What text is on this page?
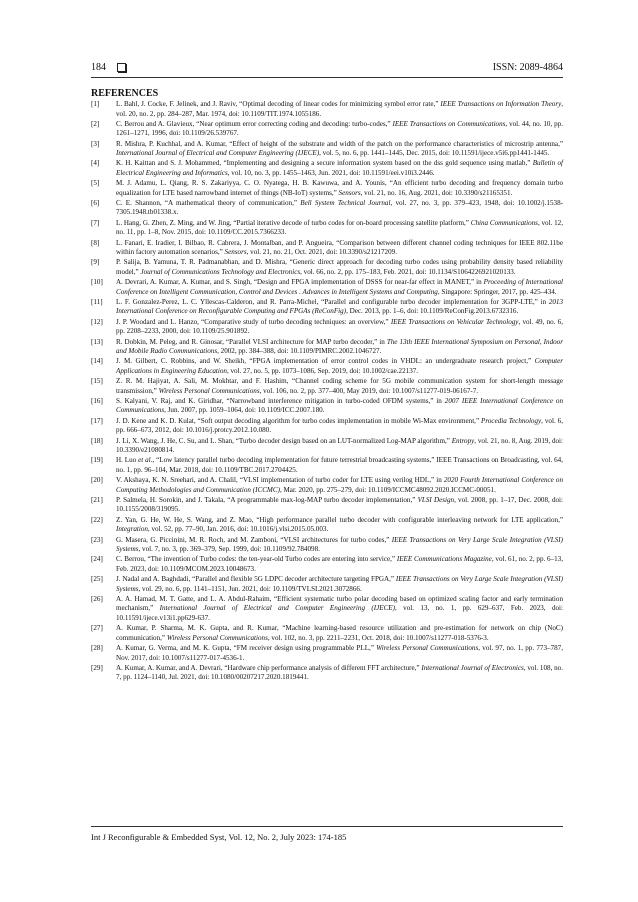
184	ISSN: 2089-4864
REFERENCES
[1]	L. Bahl, J. Cocke, F. Jelinek, and J. Raviv, “Optimal decoding of linear codes for minimizing symbol error rate,” IEEE Transactions on Information Theory, vol. 20, no. 2, pp. 284–287, Mar. 1974, doi: 10.1109/TIT.1974.1055186.
[2]	C. Berrou and A. Glavieux, “Near optimum error correcting coding and decoding: turbo-codes,” IEEE Transactions on Communications, vol. 44, no. 10, pp. 1261–1271, 1996, doi: 10.1109/26.539767.
[3]	R. Mishra, P. Kuchhal, and A. Kumar, “Effect of height of the substrate and width of the patch on the performance characteristics of microstrip antenna,” International Journal of Electrical and Computer Engineering (IJECE), vol. 5, no. 6, pp. 1441–1445, Dec. 2015, doi: 10.11591/ijece.v5i6.pp1441-1445.
[4]	K. H. Kaittan and S. J. Mohammed, “Implementing and designing a secure information system based on the dss gold sequence using matlab,” Bulletin of Electrical Engineering and Informatics, vol. 10, no. 3, pp. 1455–1463, Jun. 2021, doi: 10.11591/eei.v10i3.2446.
[5]	M. J. Adamu, L. Qiang, R. S. Zakariyya, C. O. Nyatega, H. B. Kawuwa, and A. Younis, “An efficient turbo decoding and frequency domain turbo equalization for LTE based narrowband internet of things (NB-IoT) systems,” Sensors, vol. 21, no. 16, Aug. 2021, doi: 10.3390/s21165351.
[6]	C. E. Shannon, “A mathematical theory of communication,” Bell System Technical Journal, vol. 27, no. 3, pp. 379–423, 1948, doi: 10.1002/j.1538-7305.1948.tb01338.x.
[7]	L. Hang, G. Zhen, Z. Ming, and W. Jing, “Partial iterative decode of turbo codes for on-board processing satellite platform,” China Communications, vol. 12, no. 11, pp. 1–8, Nov. 2015, doi: 10.1109/CC.2015.7366233.
[8]	L. Fanari, E. Iradier, I. Bilbao, R. Cabrera, J. Montalban, and P. Angueira, “Comparison between different channel coding techniques for IEEE 802.11be within factory automation scenarios,” Sensors, vol. 21, no. 21, Oct. 2021, doi: 10.3390/s21217209.
[9]	P. Salija, B. Yamuna, T. R. Padmanabhan, and D. Mishra, “Generic direct approach for decoding turbo codes using probability density based reliability model,” Journal of Communications Technology and Electronics, vol. 66, no. 2, pp. 175–183, Feb. 2021, doi: 10.1134/S1064226921020133.
[10]	A. Devrari, A. Kumar, A. Kumar, and S. Singh, “Design and FPGA implementation of DSSS for near-far effect in MANET,” in Proceeding of International Conference on Intelligent Communication, Control and Devices . Advances in Intelligent Systems and Computing, Singapore: Springer, 2017, pp. 425–434.
[11]	L. F. Gonzalez-Perez, L. C. Yllescas-Calderon, and R. Parra-Michel, “Parallel and configurable turbo decoder implementation for 3GPP-LTE,” in 2013 International Conference on Reconfigurable Computing and FPGAs (ReConFig), Dec. 2013, pp. 1–6, doi: 10.1109/ReConFig.2013.6732316.
[12]	J. P. Woodard and L. Hanzo, “Comparative study of turbo decoding techniques: an overview,” IEEE Transactions on Vehicular Technology, vol. 49, no. 6, pp. 2208–2233, 2000, doi: 10.1109/25.901892.
[13]	R. Dobkin, M. Peleg, and R. Ginosar, “Parallel VLSI architecture for MAP turbo decoder,” in The 13th IEEE International Symposium on Personal, Indoor and Mobile Radio Communications, 2002, pp. 384–388, doi: 10.1109/PIMRC.2002.1046727.
[14]	J. M. Gilbert, C. Robbins, and W. Sheikh, “FPGA implementation of error control codes in VHDL: an undergraduate research project,” Computer Applications in Engineering Education, vol. 27, no. 5, pp. 1073–1086, Sep. 2019, doi: 10.1002/cae.22137.
[15]	Z. R. M. Hajiyat, A. Sali, M. Mokhtar, and F. Hashim, “Channel coding scheme for 5G mobile communication system for short-length message transmission,” Wireless Personal Communications, vol. 106, no. 2, pp. 377–400, May 2019, doi: 10.1007/s11277-019-06167-7.
[16]	S. Kalyani, V. Raj, and K. Giridhar, “Narrowband interference mitigation in turbo-coded OFDM systems,” in 2007 IEEE International Conference on Communications, Jun. 2007, pp. 1059–1064, doi: 10.1109/ICC.2007.180.
[17]	J. D. Kene and K. D. Kulat, “Soft output decoding algorithm for turbo codes implementation in mobile Wi-Max environment,” Procedia Technology, vol. 6, pp. 666–673, 2012, doi: 10.1016/j.protcy.2012.10.080.
[18]	J. Li, X. Wang, J. He, C. Su, and L. Shan, “Turbo decoder design based on an LUT-normalized Log-MAP algorithm,” Entropy, vol. 21, no. 8, Aug. 2019, doi: 10.3390/e21080814.
[19]	H. Luo et al., “Low latency parallel turbo decoding implementation for future terrestrial broadcasting systems,” IEEE Transactions on Broadcasting, vol. 64, no. 1, pp. 96–104, Mar. 2018, doi: 10.1109/TBC.2017.2704425.
[20]	V. Akshaya, K. N. Sreehari, and A. Chalil, “VLSI implementation of turbo coder for LTE using verilog HDL,” in 2020 Fourth International Conference on Computing Methodologies and Communication (ICCMC), Mar. 2020, pp. 275–279, doi: 10.1109/ICCMC48092.2020.ICCMC-00051.
[21]	P. Salmela, H. Sorokin, and J. Takala, “A programmable max-log-MAP turbo decoder implementation,” VLSI Design, vol. 2008, pp. 1–17, Dec. 2008, doi: 10.1155/2008/319095.
[22]	Z. Yan, G. He, W. He, S. Wang, and Z. Mao, “High performance parallel turbo decoder with configurable interleaving network for LTE application,” Integration, vol. 52, pp. 77–90, Jan. 2016, doi: 10.1016/j.vlsi.2015.05.003.
[23]	G. Masera, G. Piccinini, M. R. Roch, and M. Zamboni, “VLSI architectures for turbo codes,” IEEE Transactions on Very Large Scale Integration (VLSI) Systems, vol. 7, no. 3, pp. 369–379, Sep. 1999, doi: 10.1109/92.784098.
[24]	C. Berrou, “The invention of Turbo codes: the ten-year-old Turbo codes are entering into service,” IEEE Communications Magazine, vol. 61, no. 2, pp. 6–13, Feb. 2023, doi: 10.1109/MCOM.2023.10048673.
[25]	J. Nadal and A. Baghdadi, “Parallel and flexible 5G LDPC decoder architecture targeting FPGA,” IEEE Transactions on Very Large Scale Integration (VLSI) Systems, vol. 29, no. 6, pp. 1141–1151, Jun. 2021, doi: 10.1109/TVLSI.2021.3072866.
[26]	A. A. Hamad, M. T. Gatte, and L. A. Abdul-Rahaim, “Efficient systematic turbo polar decoding based on optimized scaling factor and early termination mechanism,” International Journal of Electrical and Computer Engineering (IJECE), vol. 13, no. 1, pp. 629–637, Feb. 2023, doi: 10.11591/ijece.v13i1.pp629-637.
[27]	A. Kumar, P. Sharma, M. K. Gupta, and R. Kumar, “Machine learning-based resource utilization and pre-estimation for network on chip (NoC) communication,” Wireless Personal Communications, vol. 102, no. 3, pp. 2211–2231, Oct. 2018, doi: 10.1007/s11277-018-5376-3.
[28]	A. Kumar, G. Verma, and M. K. Gupta, “FM receiver design using programmable PLL,” Wireless Personal Communications, vol. 97, no. 1, pp. 773–787, Nov. 2017, doi: 10.1007/s11277-017-4536-1.
[29]	A. Kumar, A. Kumar, and A. Devrari, “Hardware chip performance analysis of different FFT architecture,” International Journal of Electronics, vol. 108, no. 7, pp. 1124–1140, Jul. 2021, doi: 10.1080/00207217.2020.1819441.
Int J Reconfigurable & Embedded Syst, Vol. 12, No. 2, July 2023: 174-185
